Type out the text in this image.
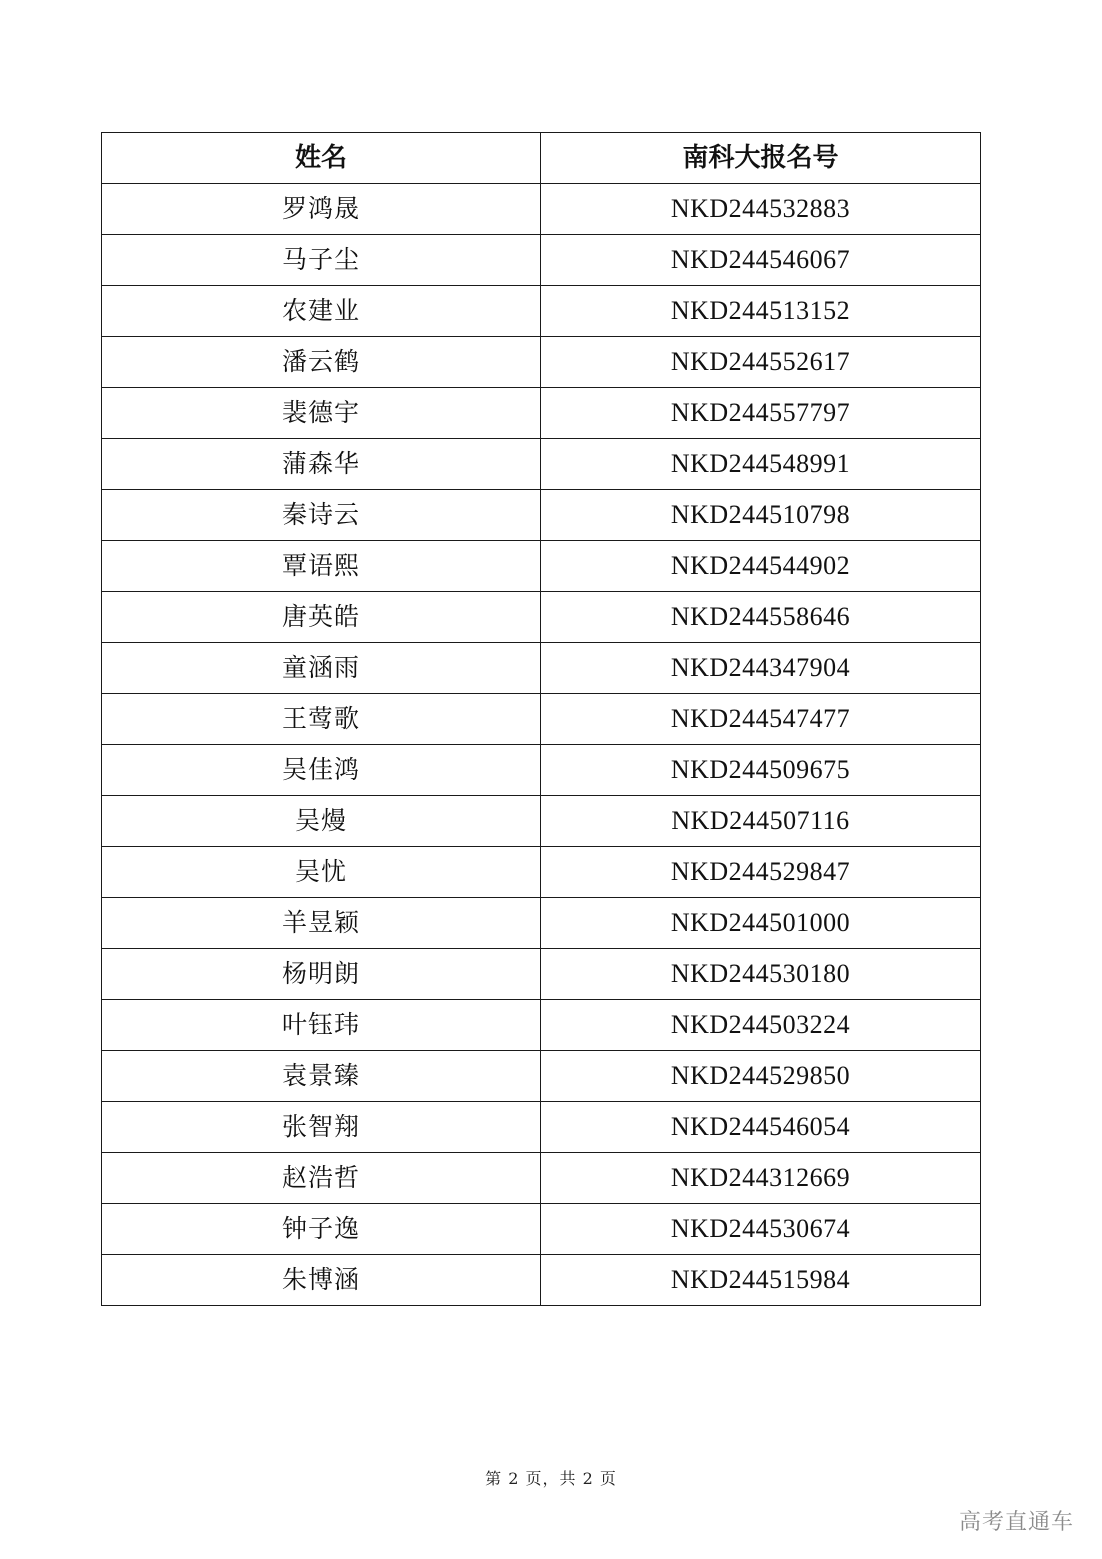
姓名	南科大报名号
罗鸿晟	NKD244532883
马子尘	NKD244546067
农建业	NKD244513152
潘云鹤	NKD244552617
裴德宇	NKD244557797
蒲森华	NKD244548991
秦诗云	NKD244510798
覃语熙	NKD244544902
唐英皓	NKD244558646
童涵雨	NKD244347904
王莺歌	NKD244547477
吴佳鸿	NKD244509675
吴熳	NKD244507116
吴忧	NKD244529847
羊昱颖	NKD244501000
杨明朗	NKD244530180
叶钰玮	NKD244503224
袁景臻	NKD244529850
张智翔	NKD244546054
赵浩哲	NKD244312669
钟子逸	NKD244530674
朱博涵	NKD244515984
第 2 页，共 2 页
高考直通车
